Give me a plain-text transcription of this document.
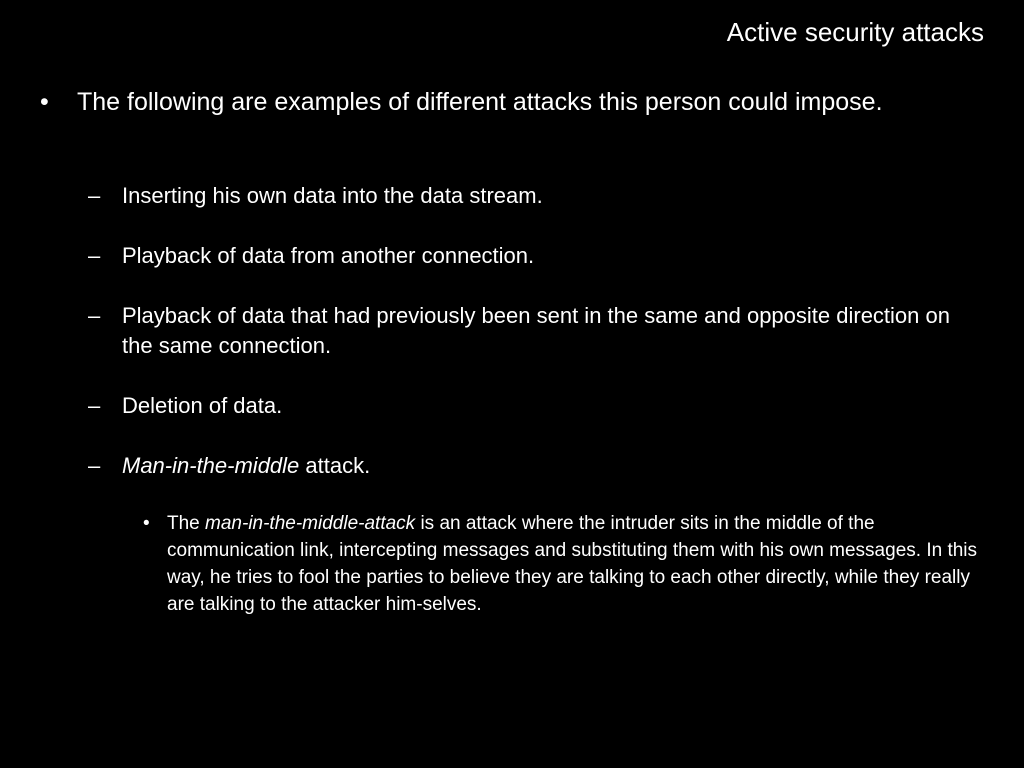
Active security attacks
• The following are examples of different attacks this person could impose.
– Inserting his own data into the data stream.
– Playback of data from another connection.
– Playback of data that had previously been sent in the same and opposite direction on the same connection.
– Deletion of data.
– Man-in-the-middle attack.
• The man-in-the-middle-attack is an attack where the intruder sits in the middle of the communication link, intercepting messages and substituting them with his own messages. In this way, he tries to fool the parties to believe they are talking to each other directly, while they really are talking to the attacker him-selves.
